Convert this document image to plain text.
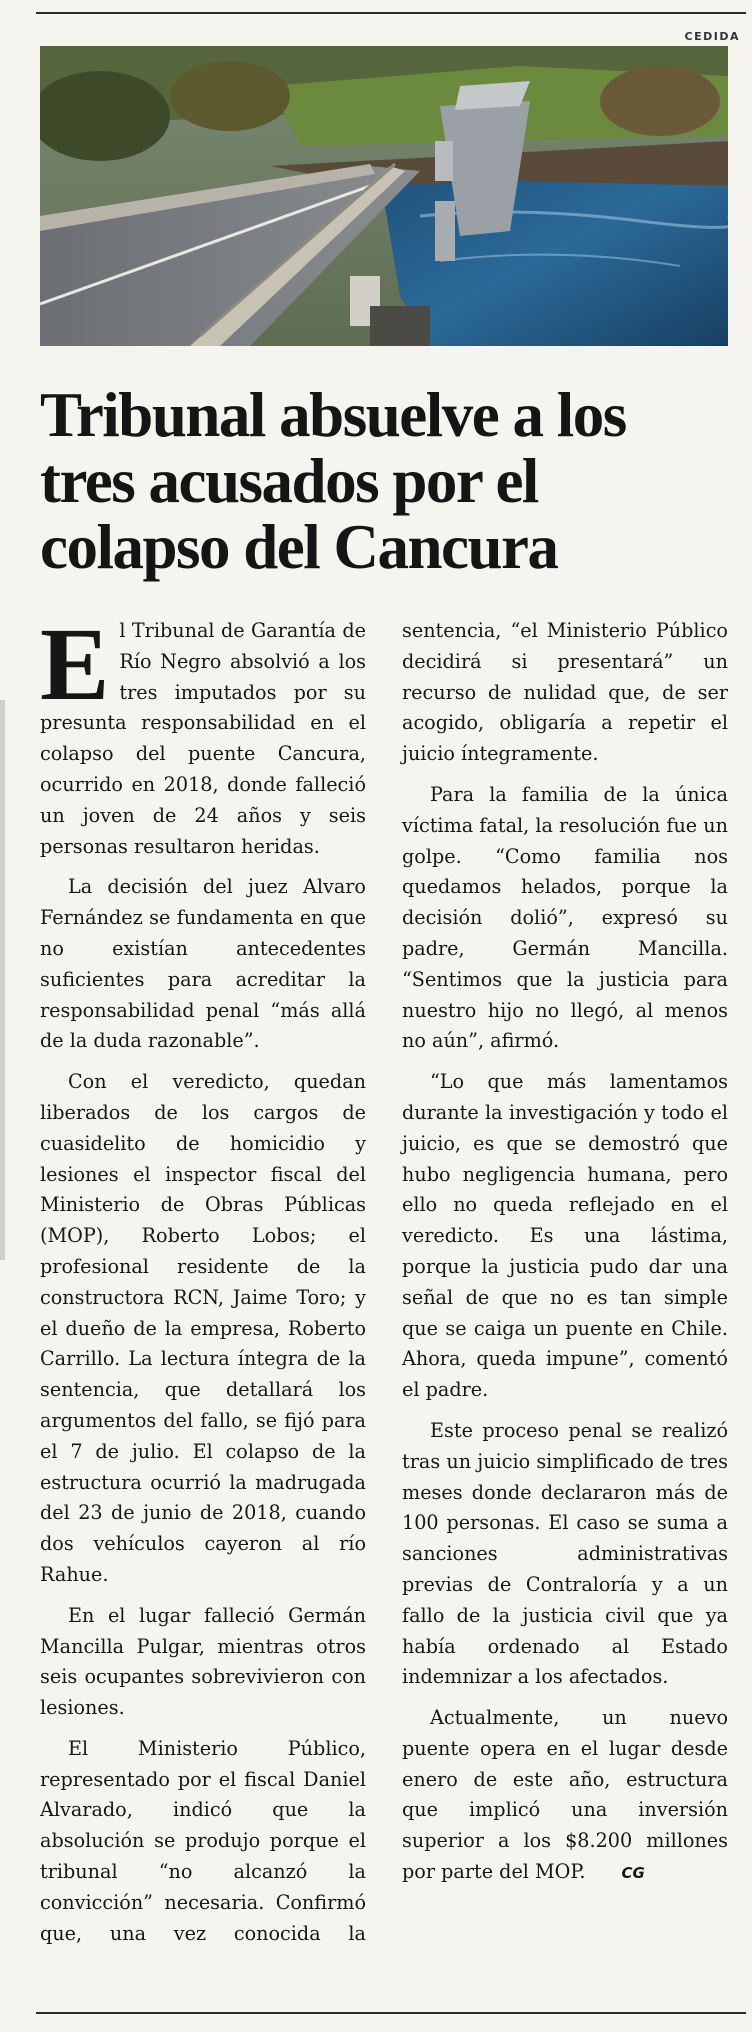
CEDIDA
Tribunal absuelve a los tres acusados por el colapso del Cancura

El Tribunal de Garantía de Río Negro absolvió a los tres imputados por su presunta responsabilidad en el colapso del puente Cancura, ocurrido en 2018, donde falleció un joven de 24 años y seis personas resultaron heridas.

La decisión del juez Alvaro Fernández se fundamenta en que no existían antecedentes suficientes para acreditar la responsabilidad penal “más allá de la duda razonable”.

Con el veredicto, quedan liberados de los cargos de cuasidelito de homicidio y lesiones el inspector fiscal del Ministerio de Obras Públicas (MOP), Roberto Lobos; el profesional residente de la constructora RCN, Jaime Toro; y el dueño de la empresa, Roberto Carrillo. La lectura íntegra de la sentencia, que detallará los argumentos del fallo, se fijó para el 7 de julio. El colapso de la estructura ocurrió la madrugada del 23 de junio de 2018, cuando dos vehículos cayeron al río Rahue.

En el lugar falleció Germán Mancilla Pulgar, mientras otros seis ocupantes sobrevivieron con lesiones.

El Ministerio Público, representado por el fiscal Daniel Alvarado, indicó que la absolución se produjo porque el tribunal “no alcanzó la convicción” necesaria. Confirmó que, una vez conocida la sentencia, “el Ministerio Público decidirá si presentará” un recurso de nulidad que, de ser acogido, obligaría a repetir el juicio íntegramente.

Para la familia de la única víctima fatal, la resolución fue un golpe. “Como familia nos quedamos helados, porque la decisión dolió”, expresó su padre, Germán Mancilla. “Sentimos que la justicia para nuestro hijo no llegó, al menos no aún”, afirmó.

“Lo que más lamentamos durante la investigación y todo el juicio, es que se demostró que hubo negligencia humana, pero ello no queda reflejado en el veredicto. Es una lástima, porque la justicia pudo dar una señal de que no es tan simple que se caiga un puente en Chile. Ahora, queda impune”, comentó el padre.

Este proceso penal se realizó tras un juicio simplificado de tres meses donde declararon más de 100 personas. El caso se suma a sanciones administrativas previas de Contraloría y a un fallo de la justicia civil que ya había ordenado al Estado indemnizar a los afectados.

Actualmente, un nuevo puente opera en el lugar desde enero de este año, estructura que implicó una inversión superior a los $8.200 millones por parte del MOP. CG
